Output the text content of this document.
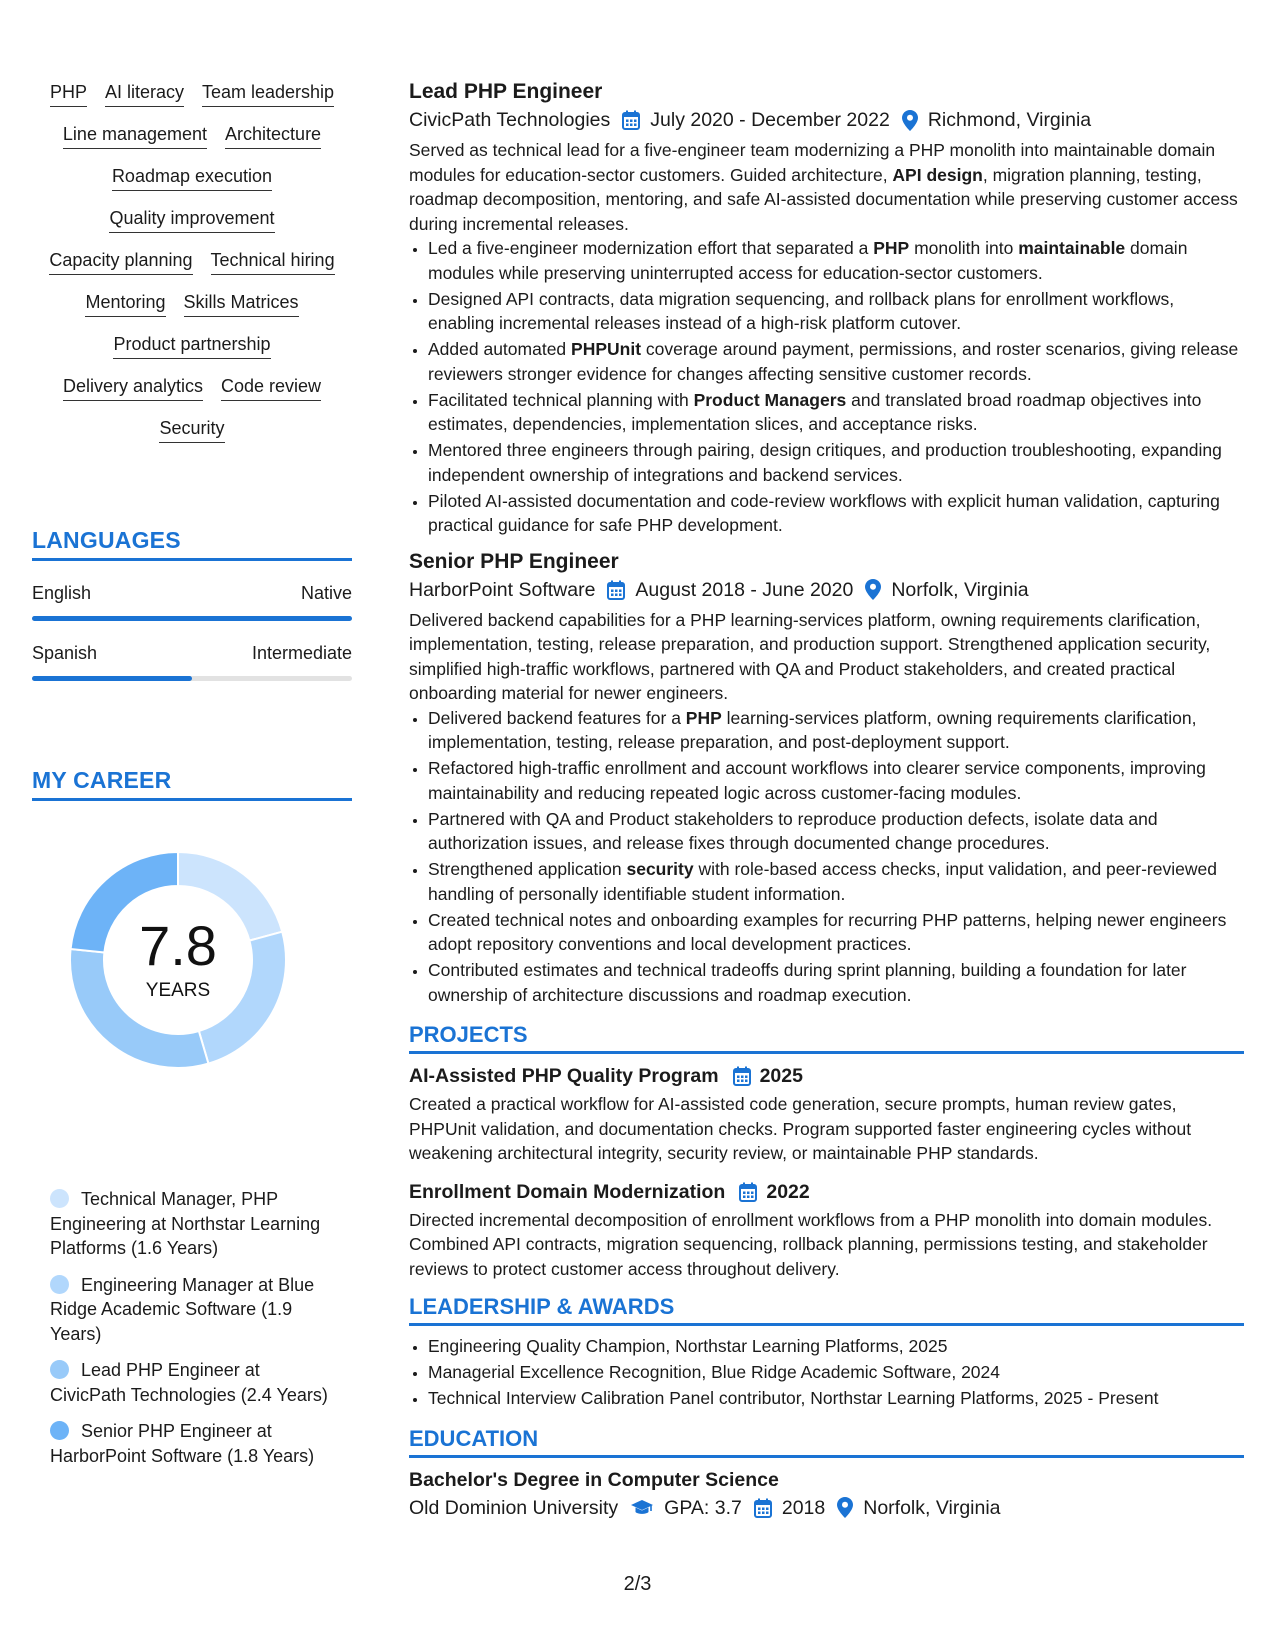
PHP AI literacy Team leadership
Line management Architecture
Roadmap execution
Quality improvement
Capacity planning Technical hiring
Mentoring Skills Matrices
Product partnership
Delivery analytics Code review
Security
LANGUAGES
English	Native
Spanish	Intermediate
MY CAREER
7.8
YEARS
Technical Manager, PHP Engineering at Northstar Learning Platforms (1.6 Years)
Engineering Manager at Blue Ridge Academic Software (1.9 Years)
Lead PHP Engineer at CivicPath Technologies (2.4 Years)
Senior PHP Engineer at HarborPoint Software (1.8 Years)
Lead PHP Engineer
CivicPath Technologies July 2020 - December 2022 Richmond, Virginia
Served as technical lead for a five-engineer team modernizing a PHP monolith into maintainable domain modules for education-sector customers. Guided architecture, API design, migration planning, testing, roadmap decomposition, mentoring, and safe AI-assisted documentation while preserving customer access during incremental releases.
• Led a five-engineer modernization effort that separated a PHP monolith into maintainable domain modules while preserving uninterrupted access for education-sector customers.
• Designed API contracts, data migration sequencing, and rollback plans for enrollment workflows, enabling incremental releases instead of a high-risk platform cutover.
• Added automated PHPUnit coverage around payment, permissions, and roster scenarios, giving release reviewers stronger evidence for changes affecting sensitive customer records.
• Facilitated technical planning with Product Managers and translated broad roadmap objectives into estimates, dependencies, implementation slices, and acceptance risks.
• Mentored three engineers through pairing, design critiques, and production troubleshooting, expanding independent ownership of integrations and backend services.
• Piloted AI-assisted documentation and code-review workflows with explicit human validation, capturing practical guidance for safe PHP development.
Senior PHP Engineer
HarborPoint Software August 2018 - June 2020 Norfolk, Virginia
Delivered backend capabilities for a PHP learning-services platform, owning requirements clarification, implementation, testing, release preparation, and production support. Strengthened application security, simplified high-traffic workflows, partnered with QA and Product stakeholders, and created practical onboarding material for newer engineers.
• Delivered backend features for a PHP learning-services platform, owning requirements clarification, implementation, testing, release preparation, and post-deployment support.
• Refactored high-traffic enrollment and account workflows into clearer service components, improving maintainability and reducing repeated logic across customer-facing modules.
• Partnered with QA and Product stakeholders to reproduce production defects, isolate data and authorization issues, and release fixes through documented change procedures.
• Strengthened application security with role-based access checks, input validation, and peer-reviewed handling of personally identifiable student information.
• Created technical notes and onboarding examples for recurring PHP patterns, helping newer engineers adopt repository conventions and local development practices.
• Contributed estimates and technical tradeoffs during sprint planning, building a foundation for later ownership of architecture discussions and roadmap execution.
PROJECTS
AI-Assisted PHP Quality Program 2025
Created a practical workflow for AI-assisted code generation, secure prompts, human review gates, PHPUnit validation, and documentation checks. Program supported faster engineering cycles without weakening architectural integrity, security review, or maintainable PHP standards.
Enrollment Domain Modernization 2022
Directed incremental decomposition of enrollment workflows from a PHP monolith into domain modules. Combined API contracts, migration sequencing, rollback planning, permissions testing, and stakeholder reviews to protect customer access throughout delivery.
LEADERSHIP & AWARDS
• Engineering Quality Champion, Northstar Learning Platforms, 2025
• Managerial Excellence Recognition, Blue Ridge Academic Software, 2024
• Technical Interview Calibration Panel contributor, Northstar Learning Platforms, 2025 - Present
EDUCATION
Bachelor's Degree in Computer Science
Old Dominion University GPA: 3.7 2018 Norfolk, Virginia
2/3
